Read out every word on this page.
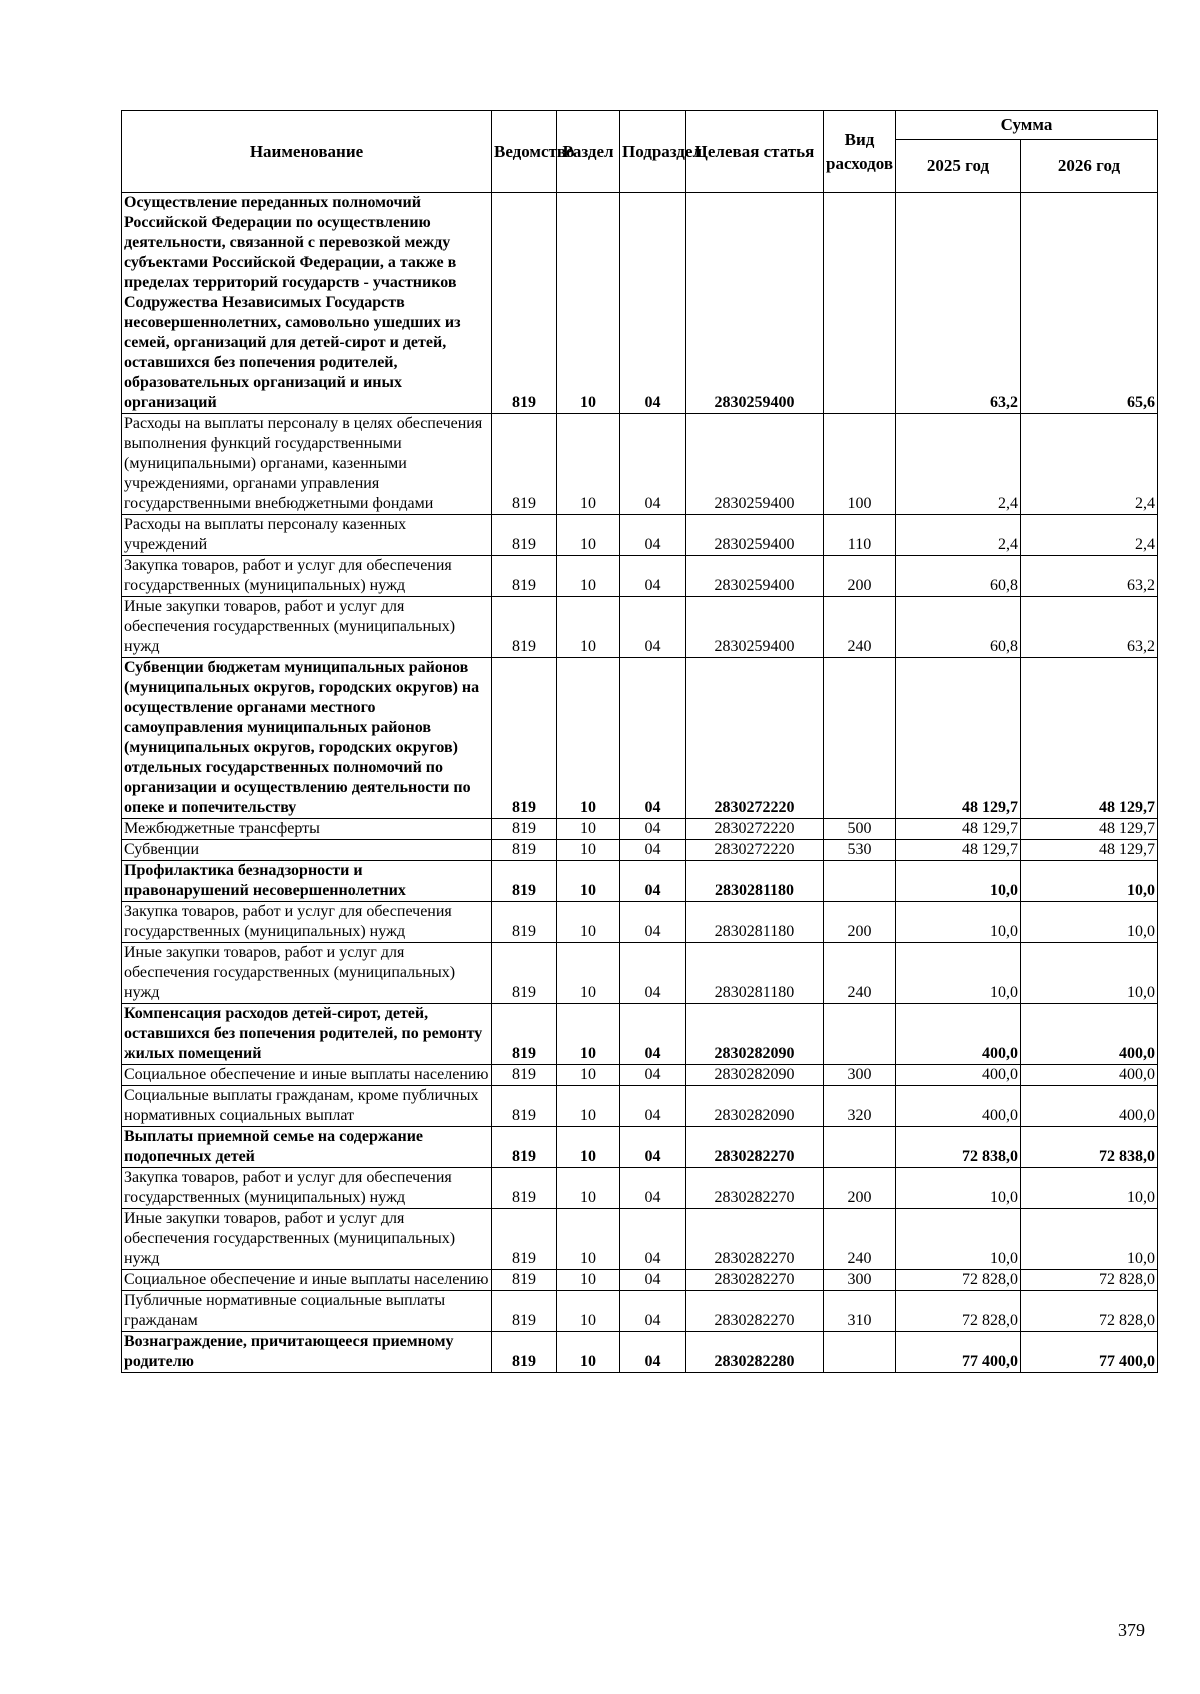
Наименование	Ведомство	Раздел	Подраздел	Целевая статья	Вид расходов	Сумма	
						2025 год	2026 год
Осуществление переданных полномочий Российской Федерации по осуществлению деятельности, связанной с перевозкой между субъектами Российской Федерации, а также в пределах территорий государств - участников Содружества Независимых Государств несовершеннолетних, самовольно ушедших из семей, организаций для детей-сирот и детей, оставшихся без попечения родителей, образовательных организаций и иных организаций	819	10	04	2830259400		63,2	65,6
Расходы на выплаты персоналу в целях обеспечения выполнения функций государственными (муниципальными) органами, казенными учреждениями, органами управления государственными внебюджетными фондами	819	10	04	2830259400	100	2,4	2,4
Расходы на выплаты персоналу казенных учреждений	819	10	04	2830259400	110	2,4	2,4
Закупка товаров, работ и услуг для обеспечения государственных (муниципальных) нужд	819	10	04	2830259400	200	60,8	63,2
Иные закупки товаров, работ и услуг для обеспечения государственных (муниципальных) нужд	819	10	04	2830259400	240	60,8	63,2
Субвенции бюджетам муниципальных районов (муниципальных округов, городских округов) на осуществление органами местного самоуправления муниципальных районов (муниципальных округов, городских округов) отдельных государственных полномочий по организации и осуществлению деятельности по опеке и попечительству	819	10	04	2830272220		48 129,7	48 129,7
Межбюджетные трансферты	819	10	04	2830272220	500	48 129,7	48 129,7
Субвенции	819	10	04	2830272220	530	48 129,7	48 129,7
Профилактика безнадзорности и правонарушений несовершеннолетних	819	10	04	2830281180		10,0	10,0
Закупка товаров, работ и услуг для обеспечения государственных (муниципальных) нужд	819	10	04	2830281180	200	10,0	10,0
Иные закупки товаров, работ и услуг для обеспечения государственных (муниципальных) нужд	819	10	04	2830281180	240	10,0	10,0
Компенсация расходов детей-сирот, детей, оставшихся без попечения родителей, по ремонту жилых помещений	819	10	04	2830282090		400,0	400,0
Социальное обеспечение и иные выплаты населению	819	10	04	2830282090	300	400,0	400,0
Социальные выплаты гражданам, кроме публичных нормативных социальных выплат	819	10	04	2830282090	320	400,0	400,0
Выплаты приемной семье на содержание подопечных детей	819	10	04	2830282270		72 838,0	72 838,0
Закупка товаров, работ и услуг для обеспечения государственных (муниципальных) нужд	819	10	04	2830282270	200	10,0	10,0
Иные закупки товаров, работ и услуг для обеспечения государственных (муниципальных) нужд	819	10	04	2830282270	240	10,0	10,0
Социальное обеспечение и иные выплаты населению	819	10	04	2830282270	300	72 828,0	72 828,0
Публичные нормативные социальные выплаты гражданам	819	10	04	2830282270	310	72 828,0	72 828,0
Вознаграждение, причитающееся приемному родителю	819	10	04	2830282280		77 400,0	77 400,0
379
